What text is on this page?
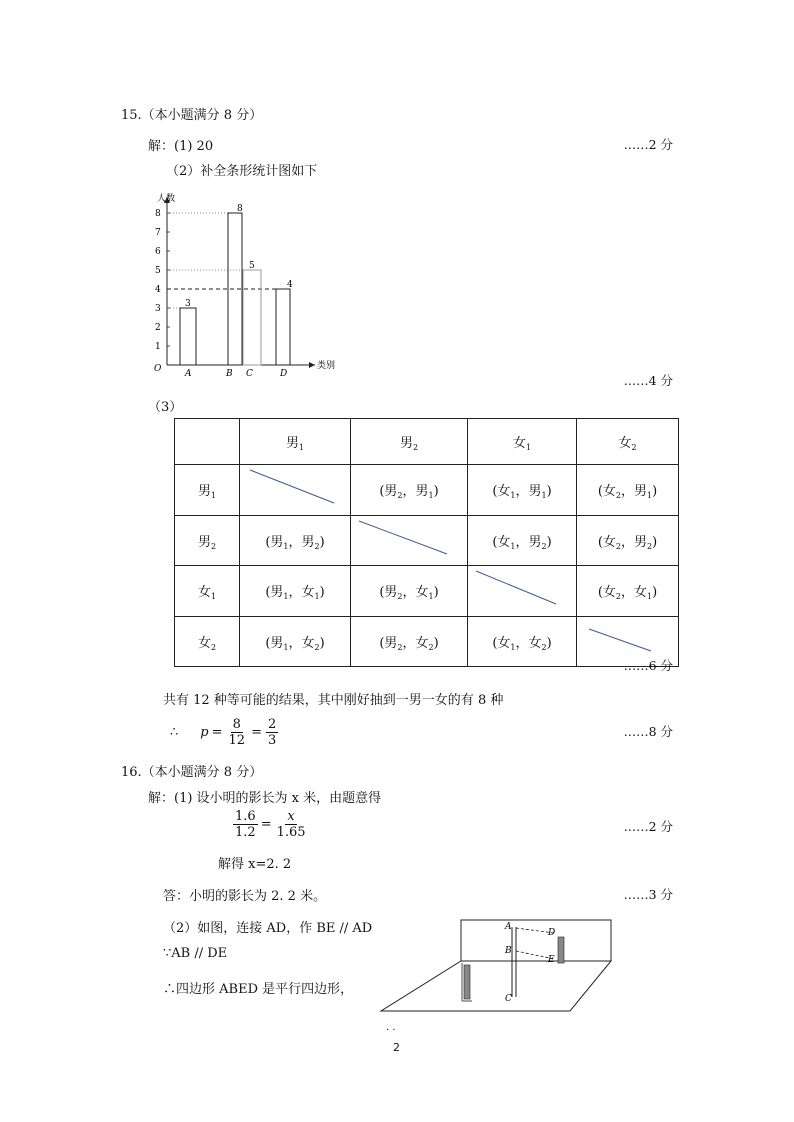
15.（本小题满分 8 分）
解：(1) 20	……2 分
（2）补全条形统计图如下
人数
类别
O
1
2
3
4
5
6
7
8
3
A
8
B
5
C
4
D	……4 分
（3）
	男$_1$	男$_2$	女$_1$	女$_2$
男$_1$		(男$_2$，男$_1$)	(女$_1$，男$_1$)	(女$_2$，男$_1$)
男$_2$	(男$_1$，男$_2$)		(女$_1$，男$_2$)	(女$_2$，男$_2$)
女$_1$	(男$_1$，女$_1$)	(男$_2$，女$_1$)		(女$_2$，女$_1$)
女$_2$	(男$_1$，女$_2$)	(男$_2$，女$_2$)	(女$_1$，女$_2$)	
……6 分
共有 12 种等可能的结果，其中刚好抽到一男一女的有 8 种
∴ $p = \frac{8}{12} = \frac{2}{3}$	……8 分
16.（本小题满分 8 分）
解：(1) 设小明的影长为 x 米，由题意得
$\frac{1.6}{1.2} = \frac{x}{1.65}$	……2 分
解得 x=2. 2
答：小明的影长为 2. 2 米。	……3 分
（2）如图，连接 AD，作 BE // AD
∵AB // DE
∴四边形 ABED 是平行四边形，
A
B
C
D
E
· ·
2
